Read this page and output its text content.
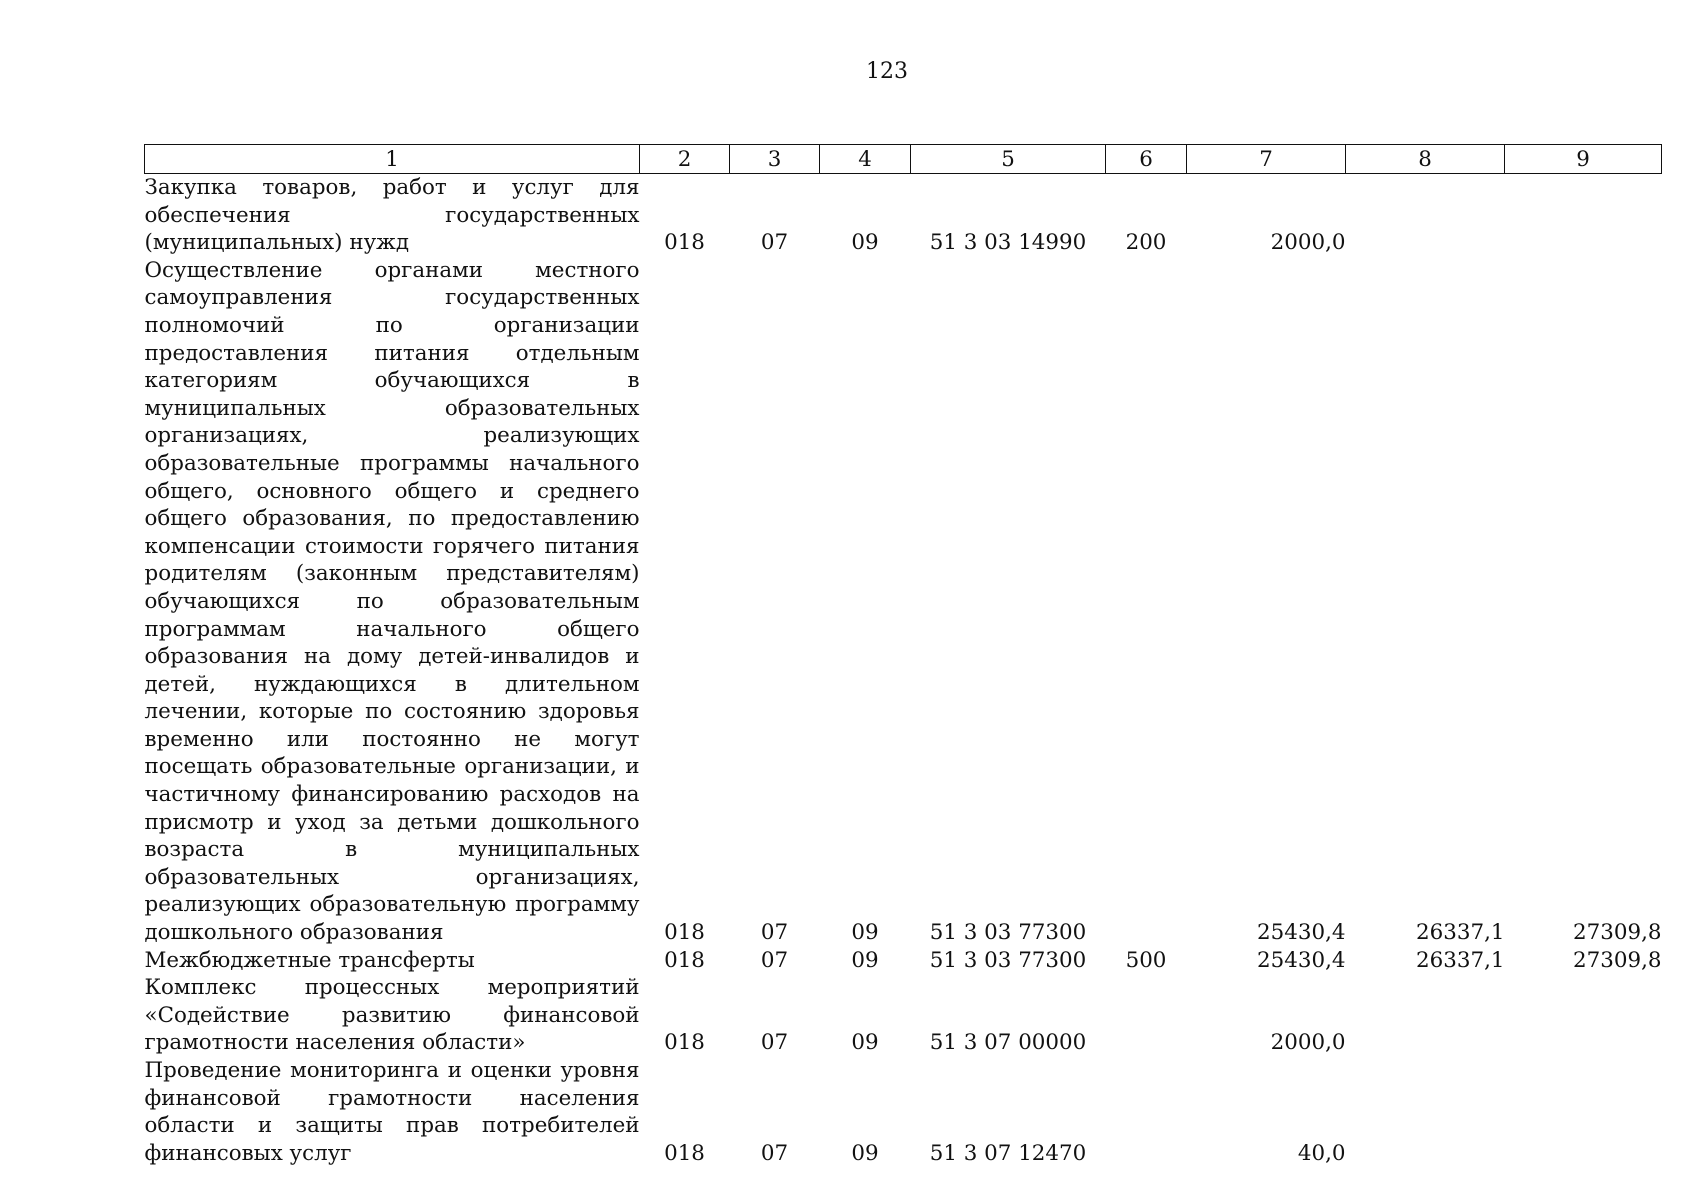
123
1	2	3	4	5	6	7	8	9
Закупка товаров, работ и услуг для обеспечения государственных (муниципальных) нужд	018	07	09	51 3 03 14990	200	2000,0		
Осуществление органами местного самоуправления государственных полномочий по организации предоставления питания отдельным категориям обучающихся в муниципальных образовательных организациях, реализующих образовательные программы начального общего, основного общего и среднего общего образования, по предоставлению компенсации стоимости горячего питания родителям (законным представителям) обучающихся по образовательным программам начального общего образования на дому детей-инвалидов и детей, нуждающихся в длительном лечении, которые по состоянию здоровья временно или постоянно не могут посещать образовательные организации, и частичному финансированию расходов на присмотр и уход за детьми дошкольного возраста в муниципальных образовательных организациях, реализующих образовательную программу дошкольного образования	018	07	09	51 3 03 77300		25430,4	26337,1	27309,8
Межбюджетные трансферты	018	07	09	51 3 03 77300	500	25430,4	26337,1	27309,8
Комплекс процессных мероприятий «Содействие развитию финансовой грамотности населения области»	018	07	09	51 3 07 00000		2000,0		
Проведение мониторинга и оценки уровня финансовой грамотности населения области и защиты прав потребителей финансовых услуг	018	07	09	51 3 07 12470		40,0		
